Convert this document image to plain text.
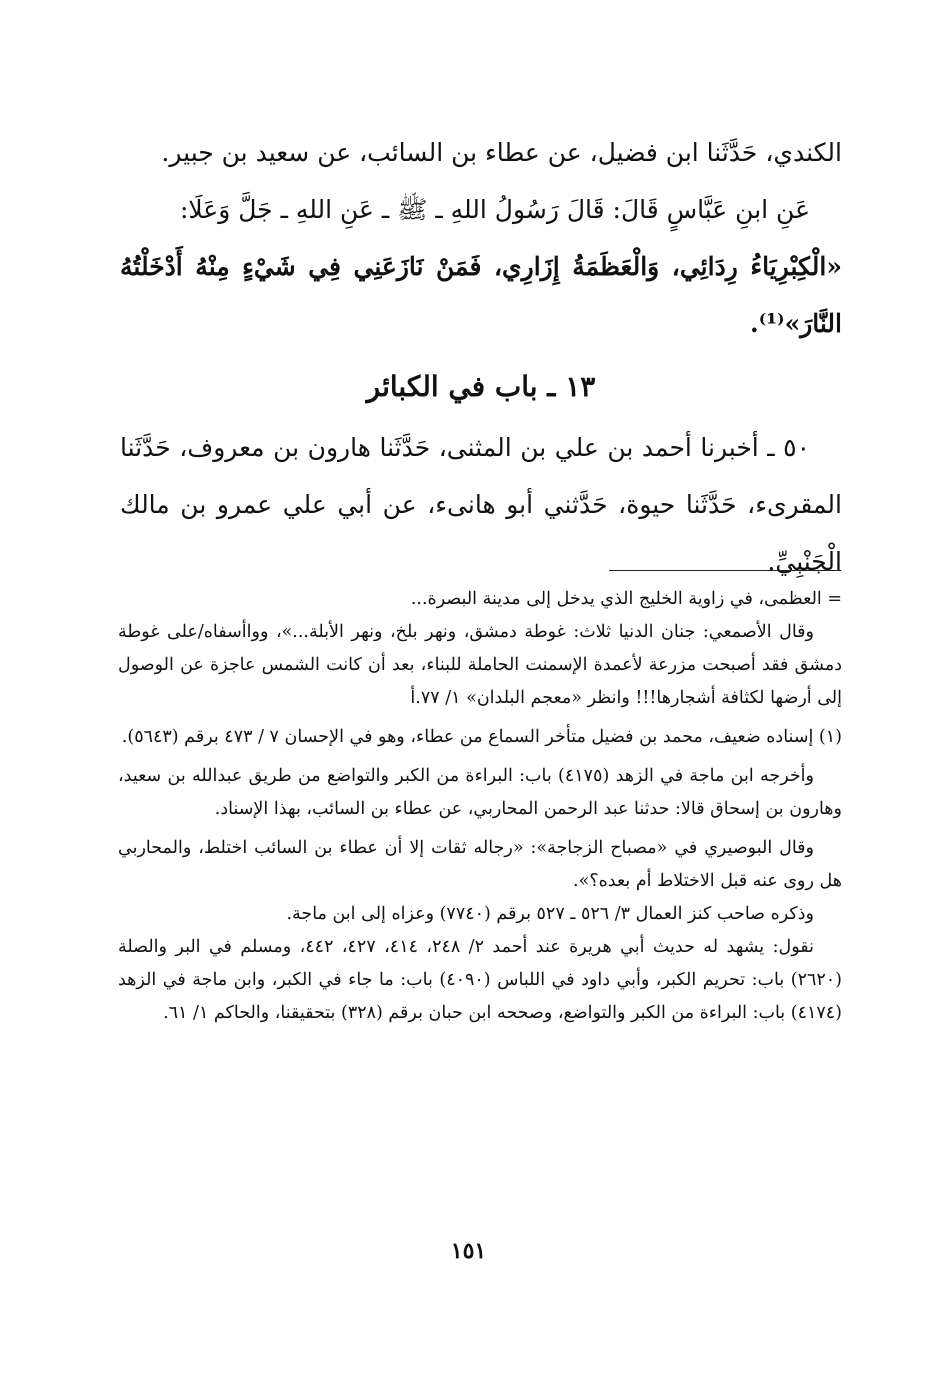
الكندي، حَدَّثَنا ابن فضيل، عن عطاء بن السائب، عن سعيد بن جبير.

عَنِ ابنِ عَبَّاسٍ قَالَ: قَالَ رَسُولُ اللهِ ـ ﷺ ـ عَنِ اللهِ ـ جَلَّ وَعَلَا:

«الْكِبْرِيَاءُ رِدَائِي، وَالْعَظَمَةُ إِزَارِي، فَمَنْ نَازَعَنِي فِي شَيْءٍ مِنْهُ أَدْخَلْتُهُ النَّارَ»⁽¹⁾.

١٣ ـ باب في الكبائر

٥٠ ـ أخبرنا أحمد بن علي بن المثنى، حَدَّثَنا هارون بن معروف، حَدَّثَنا المقرىء، حَدَّثَنا حيوة، حَدَّثني أبو هانىء، عن أبي علي عمرو بن مالك الْجَنْبِيِّ.

= العظمى، في زاوية الخليج الذي يدخل إلى مدينة البصرة...

وقال الأصمعي: جنان الدنيا ثلاث: غوطة دمشق، ونهر بلخ، ونهر الأبلة...»، وواأسفاه/على غوطة دمشق فقد أصبحت مزرعة لأعمدة الإسمنت الحاملة للبناء، بعد أن كانت الشمس عاجزة عن الوصول إلى أرضها لكثافة أشجارها!!! وانظر «معجم البلدان» ١/ ٧٧.أ

(١) إسناده ضعيف، محمد بن فضيل متأخر السماع من عطاء، وهو في الإحسان ٧ / ٤٧٣ برقم (٥٦٤٣).

وأخرجه ابن ماجة في الزهد (٤١٧٥) باب: البراءة من الكبر والتواضع من طريق عبدالله بن سعيد، وهارون بن إسحاق قالا: حدثنا عبد الرحمن المحاربي، عن عطاء بن السائب، بهذا الإسناد.

وقال البوصيري في «مصباح الزجاجة»: «رجاله ثقات إلا أن عطاء بن السائب اختلط، والمحاربي هل روى عنه قبل الاختلاط أم بعده؟».

وذكره صاحب كنز العمال ٣/ ٥٢٦ ـ ٥٢٧ برقم (٧٧٤٠) وعزاه إلى ابن ماجة.

نقول: يشهد له حديث أبي هريرة عند أحمد ٢/ ٢٤٨، ٤١٤، ٤٢٧، ٤٤٢، ومسلم في البر والصلة (٢٦٢٠) باب: تحريم الكبر، وأبي داود في اللباس (٤٠٩٠) باب: ما جاء في الكبر، وابن ماجة في الزهد (٤١٧٤) باب: البراءة من الكبر والتواضع، وصححه ابن حبان برقم (٣٢٨) بتحقيقنا، والحاكم ١/ ٦١.

١٥١
